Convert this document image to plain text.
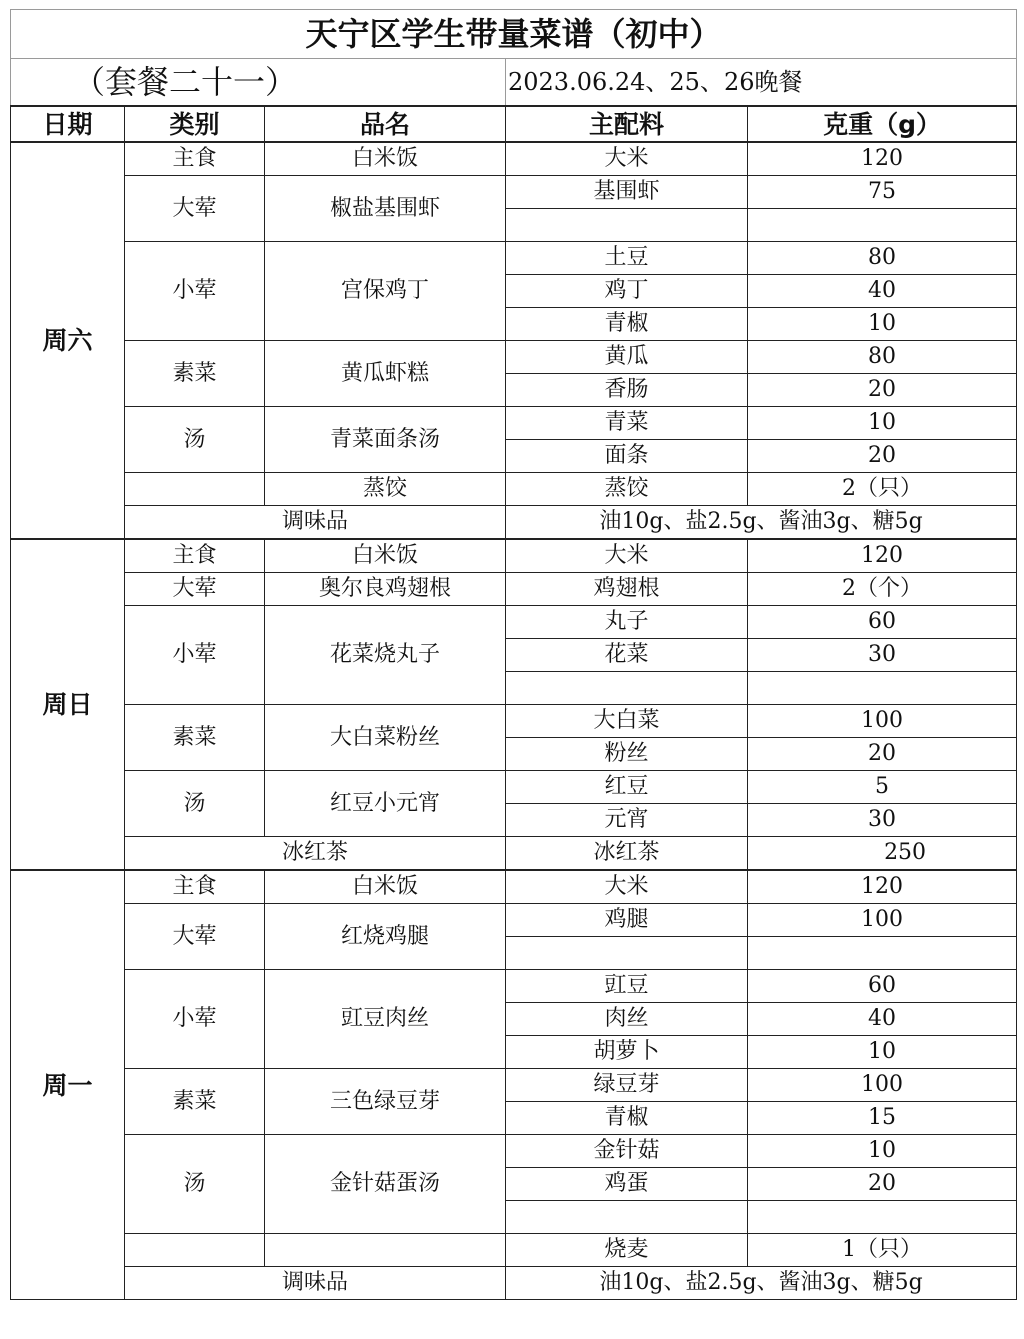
天宁区学生带量菜谱（初中）				
（套餐二十一）			2023.06.24、25、26晚餐	
日期	类别	品名	主配料	克重（g）
周六	主食	白米饭	大米	120
	大荤	椒盐基围虾	基围虾	75

	小荤	宫保鸡丁	土豆	80
			鸡丁	40
			青椒	10
	素菜	黄瓜虾糕	黄瓜	80
			香肠	20
	汤	青菜面条汤	青菜	10
			面条	20
		蒸饺	蒸饺	2（只）
	调味品		油10g、盐2.5g、酱油3g、糖5g	
周日	主食	白米饭	大米	120
	大荤	奥尔良鸡翅根	鸡翅根	2（个）
	小荤	花菜烧丸子	丸子	60
			花菜	30

	素菜	大白菜粉丝	大白菜	100
			粉丝	20
	汤	红豆小元宵	红豆	5
			元宵	30
	冰红茶		冰红茶	250
周一	主食	白米饭	大米	120
	大荤	红烧鸡腿	鸡腿	100

	小荤	豇豆肉丝	豇豆	60
			肉丝	40
			胡萝卜	10
	素菜	三色绿豆芽	绿豆芽	100
			青椒	15
	汤	金针菇蛋汤	金针菇	10
			鸡蛋	20

			烧麦	1（只）
	调味品		油10g、盐2.5g、酱油3g、糖5g	
